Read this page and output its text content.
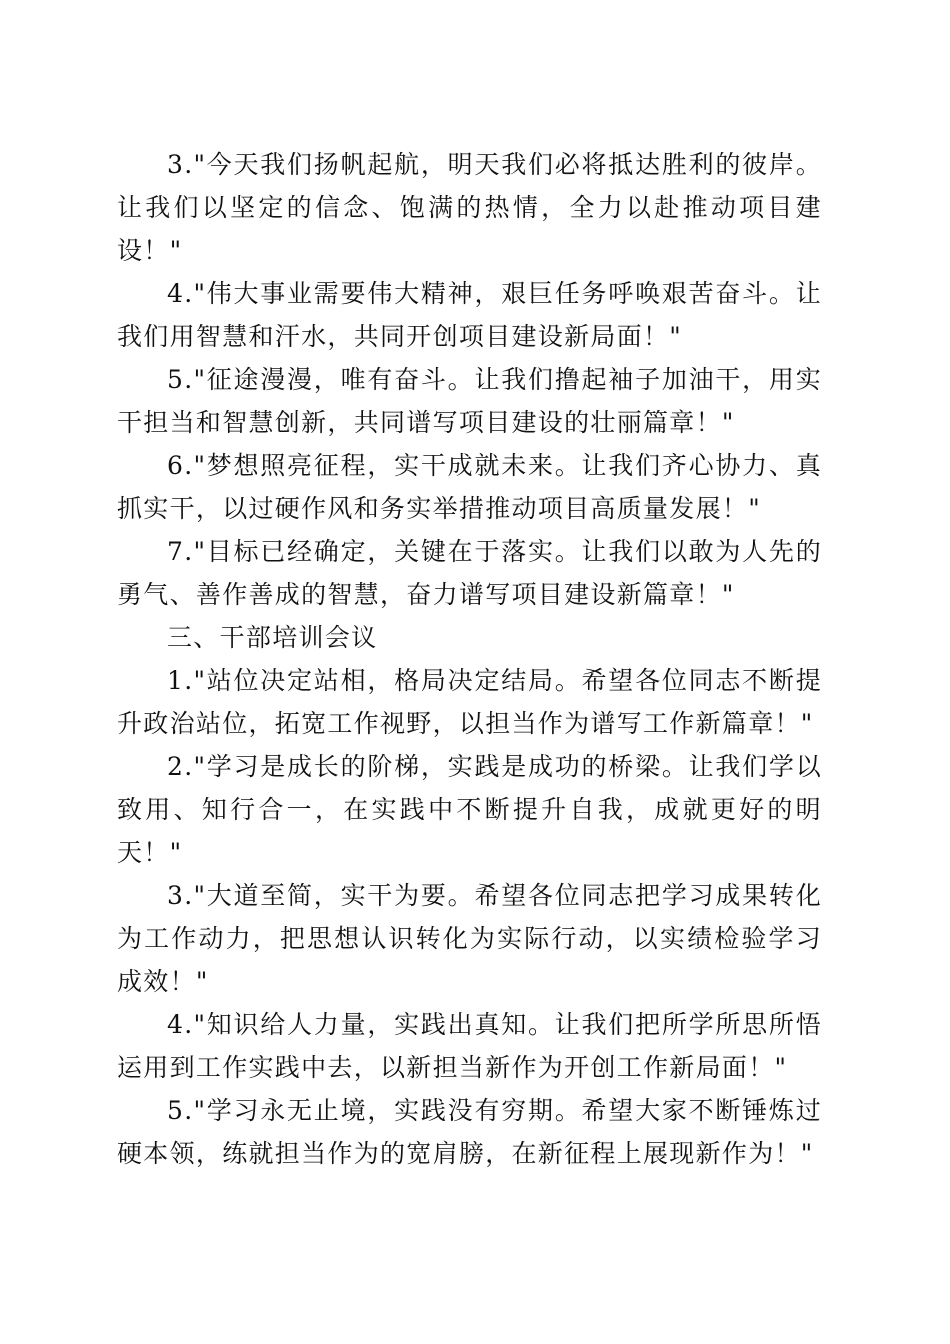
3."今天我们扬帆起航，明天我们必将抵达胜利的彼岸。让我们以坚定的信念、饱满的热情，全力以赴推动项目建设！"

4."伟大事业需要伟大精神，艰巨任务呼唤艰苦奋斗。让我们用智慧和汗水，共同开创项目建设新局面！"

5."征途漫漫，唯有奋斗。让我们撸起袖子加油干，用实干担当和智慧创新，共同谱写项目建设的壮丽篇章！"

6."梦想照亮征程，实干成就未来。让我们齐心协力、真抓实干，以过硬作风和务实举措推动项目高质量发展！"

7."目标已经确定，关键在于落实。让我们以敢为人先的勇气、善作善成的智慧，奋力谱写项目建设新篇章！"

三、干部培训会议

1."站位决定站相，格局决定结局。希望各位同志不断提升政治站位，拓宽工作视野，以担当作为谱写工作新篇章！"

2."学习是成长的阶梯，实践是成功的桥梁。让我们学以致用、知行合一，在实践中不断提升自我，成就更好的明天！"

3."大道至简，实干为要。希望各位同志把学习成果转化为工作动力，把思想认识转化为实际行动，以实绩检验学习成效！"

4."知识给人力量，实践出真知。让我们把所学所思所悟运用到工作实践中去，以新担当新作为开创工作新局面！"

5."学习永无止境，实践没有穷期。希望大家不断锤炼过硬本领，练就担当作为的宽肩膀，在新征程上展现新作为！"
